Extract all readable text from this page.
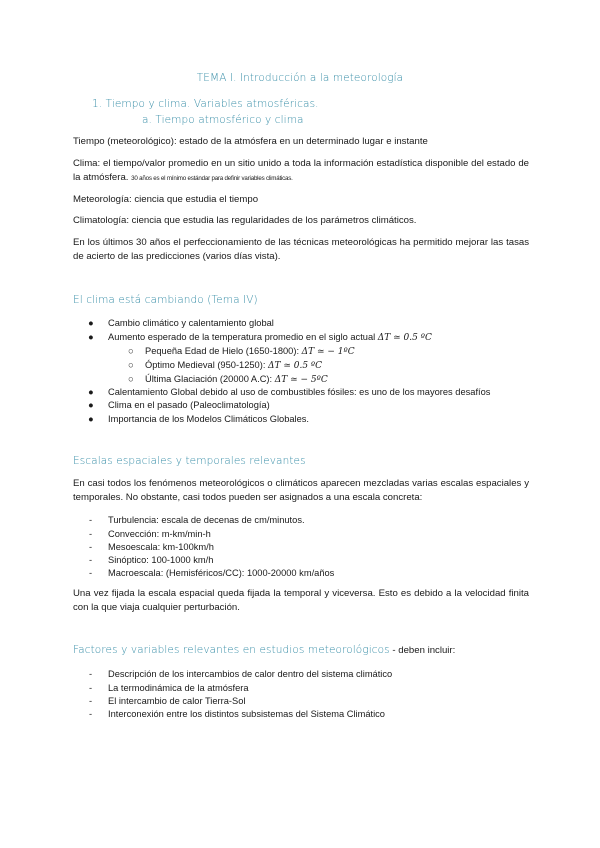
TEMA I. Introducción a la meteorología
1. Tiempo y clima. Variables atmosféricas.
a. Tiempo atmosférico y clima
Tiempo (meteorológico): estado de la atmósfera en un determinado lugar e instante
Clima: el tiempo/valor promedio en un sitio unido a toda la información estadística disponible del estado de la atmósfera. 30 años es el mínimo estándar para definir variables climáticas.
Meteorología: ciencia que estudia el tiempo
Climatología: ciencia que estudia las regularidades de los parámetros climáticos.
En los últimos 30 años el perfeccionamiento de las técnicas meteorológicas ha permitido mejorar las tasas de acierto de las predicciones (varios días vista).
El clima está cambiando (Tema IV)
● Cambio climático y calentamiento global
● Aumento esperado de la temperatura promedio en el siglo actual ΔT ≃ 0.5 ºC
○ Pequeña Edad de Hielo (1650-1800): ΔT ≃ − 1ºC
○ Óptimo Medieval (950-1250): ΔT ≃ 0.5 ºC
○ Última Glaciación (20000 A.C): ΔT ≃ − 5ºC
● Calentamiento Global debido al uso de combustibles fósiles: es uno de los mayores desafíos
● Clima en el pasado (Paleoclimatología)
● Importancia de los Modelos Climáticos Globales.
Escalas espaciales y temporales relevantes
En casi todos los fenómenos meteorológicos o climáticos aparecen mezcladas varias escalas espaciales y temporales. No obstante, casi todos pueden ser asignados a una escala concreta:
- Turbulencia: escala de decenas de cm/minutos.
- Convección: m-km/min-h
- Mesoescala: km-100km/h
- Sinóptico: 100-1000 km/h
- Macroescala: (Hemisféricos/CC): 1000-20000 km/años
Una vez fijada la escala espacial queda fijada la temporal y viceversa. Esto es debido a la velocidad finita con la que viaja cualquier perturbación.
Factores y variables relevantes en estudios meteorológicos - deben incluir:
- Descripción de los intercambios de calor dentro del sistema climático
- La termodinámica de la atmósfera
- El intercambio de calor Tierra-Sol
- Interconexión entre los distintos subsistemas del Sistema Climático
